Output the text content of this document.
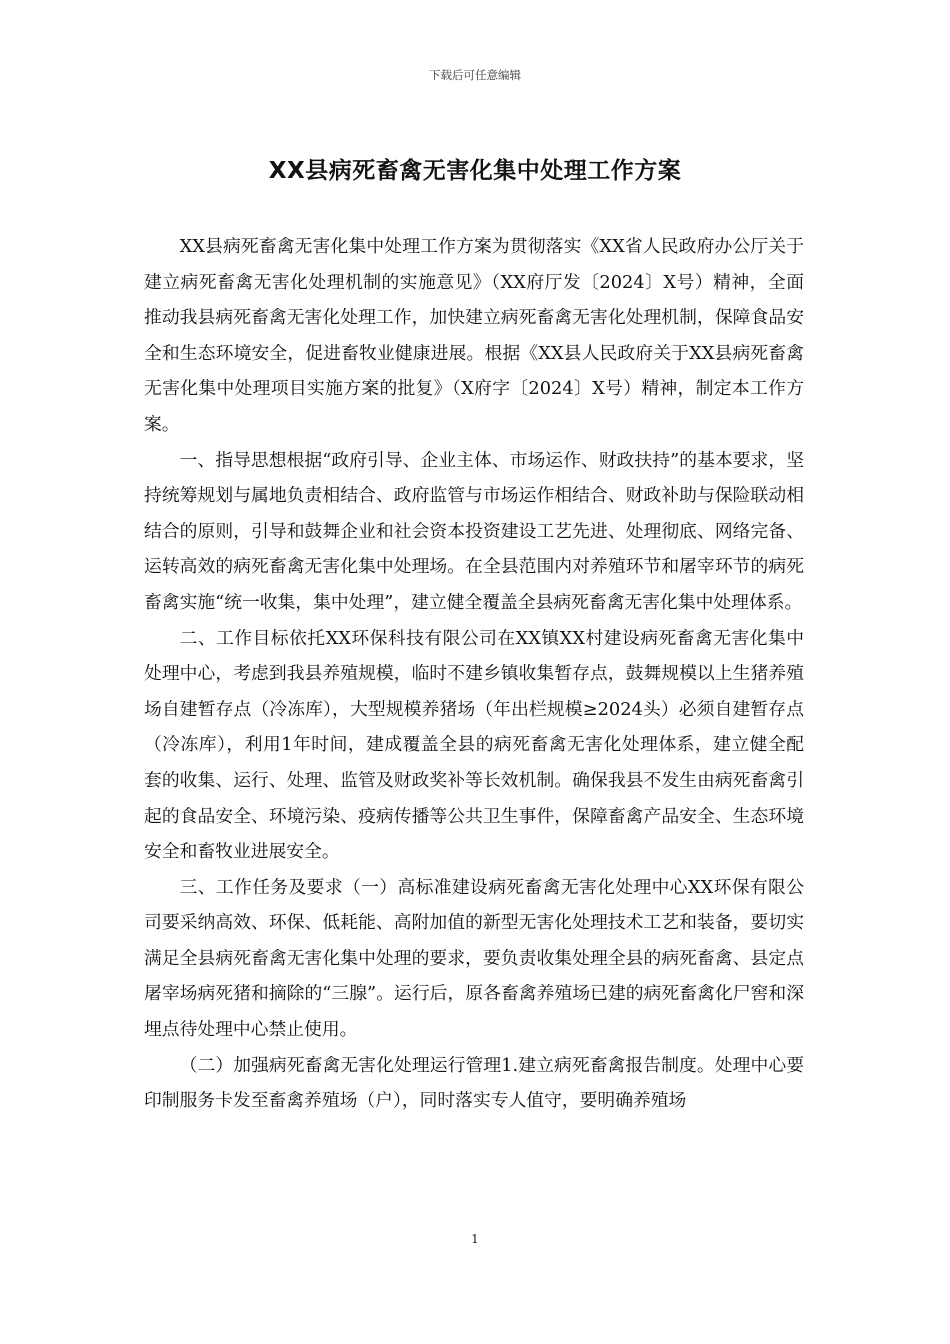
下载后可任意编辑
XX县病死畜禽无害化集中处理工作方案

XX县病死畜禽无害化集中处理工作方案为贯彻落实《XX省人民政府办公厅关于建立病死畜禽无害化处理机制的实施意见》（XX府厅发〔2024〕X号）精神，全面推动我县病死畜禽无害化处理工作，加快建立病死畜禽无害化处理机制，保障食品安全和生态环境安全，促进畜牧业健康进展。根据《XX县人民政府关于XX县病死畜禽无害化集中处理项目实施方案的批复》（X府字〔2024〕X号）精神，制定本工作方案。

一、指导思想根据“政府引导、企业主体、市场运作、财政扶持”的基本要求，坚持统筹规划与属地负责相结合、政府监管与市场运作相结合、财政补助与保险联动相结合的原则，引导和鼓舞企业和社会资本投资建设工艺先进、处理彻底、网络完备、运转高效的病死畜禽无害化集中处理场。在全县范围内对养殖环节和屠宰环节的病死畜禽实施“统一收集，集中处理”，建立健全覆盖全县病死畜禽无害化集中处理体系。

二、工作目标依托XX环保科技有限公司在XX镇XX村建设病死畜禽无害化集中处理中心，考虑到我县养殖规模，临时不建乡镇收集暂存点，鼓舞规模以上生猪养殖场自建暂存点（冷冻库），大型规模养猪场（年出栏规模≥2024头）必须自建暂存点（冷冻库），利用1年时间，建成覆盖全县的病死畜禽无害化处理体系，建立健全配套的收集、运行、处理、监管及财政奖补等长效机制。确保我县不发生由病死畜禽引起的食品安全、环境污染、疫病传播等公共卫生事件，保障畜禽产品安全、生态环境安全和畜牧业进展安全。

三、工作任务及要求（一）高标准建设病死畜禽无害化处理中心XX环保有限公司要采纳高效、环保、低耗能、高附加值的新型无害化处理技术工艺和装备，要切实满足全县病死畜禽无害化集中处理的要求，要负责收集处理全县的病死畜禽、县定点屠宰场病死猪和摘除的“三腺”。运行后，原各畜禽养殖场已建的病死畜禽化尸窖和深埋点待处理中心禁止使用。

（二）加强病死畜禽无害化处理运行管理1.建立病死畜禽报告制度。处理中心要印制服务卡发至畜禽养殖场（户），同时落实专人值守，要明确养殖场

1
